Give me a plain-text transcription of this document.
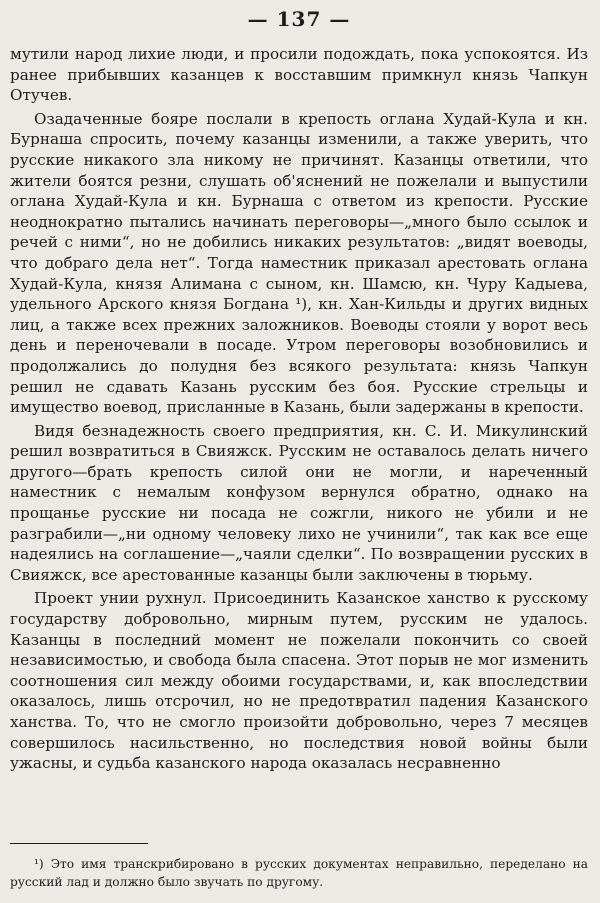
— 137 —

мутили народ лихие люди, и просили подождать, пока успокоятся. Из ранее прибывших казанцев к восставшим примкнул князь Чапкун Отучев.

Озадаченные бояре послали в крепость оглана Худай-Кула и кн. Бурнаша спросить, почему казанцы изменили, а также уверить, что русские никакого зла никому не причинят. Казанцы ответили, что жители боятся резни, слушать об'яснений не пожелали и выпустили оглана Худай-Кула и кн. Бурнаша с ответом из крепости. Русские неоднократно пытались начинать переговоры—„много было ссылок и речей с ними“, но не добились никаких результатов: „видят воеводы, что добраго дела нет“. Тогда наместник приказал арестовать оглана Худай-Кула, князя Алимана с сыном, кн. Шамсю, кн. Чуру Кадыева, удельного Арского князя Богдана ¹), кн. Хан-Кильды и других видных лиц, а также всех прежних заложников. Воеводы стояли у ворот весь день и переночевали в посаде. Утром переговоры возобновились и продолжались до полудня без всякого результата: князь Чапкун решил не сдавать Казань русским без боя. Русские стрельцы и имущество воевод, присланные в Казань, были задержаны в крепости.

Видя безнадежность своего предприятия, кн. С. И. Микулинский решил возвратиться в Свияжск. Русским не оставалось делать ничего другого—брать крепость силой они не могли, и нареченный наместник с немалым конфузом вернулся обратно, однако на прощанье русские ни посада не сожгли, никого не убили и не разграбили—„ни одному человеку лихо не учинили“, так как все еще надеялись на соглашение—„чаяли сделки“. По возвращении русских в Свияжск, все арестованные казанцы были заключены в тюрьму.

Проект унии рухнул. Присоединить Казанское ханство к русскому государству добровольно, мирным путем, русским не удалось. Казанцы в последний момент не пожелали покончить со своей независимостью, и свобода была спасена. Этот порыв не мог изменить соотношения сил между обоими государствами, и, как впоследствии оказалось, лишь отсрочил, но не предотвратил падения Казанского ханства. То, что не смогло произойти добровольно, через 7 месяцев совершилось насильственно, но последствия новой войны были ужасны, и судьба казанского народа оказалась несравненно

¹) Это имя транскрибировано в русских документах неправильно, переделано на русский лад и должно было звучать по другому.
